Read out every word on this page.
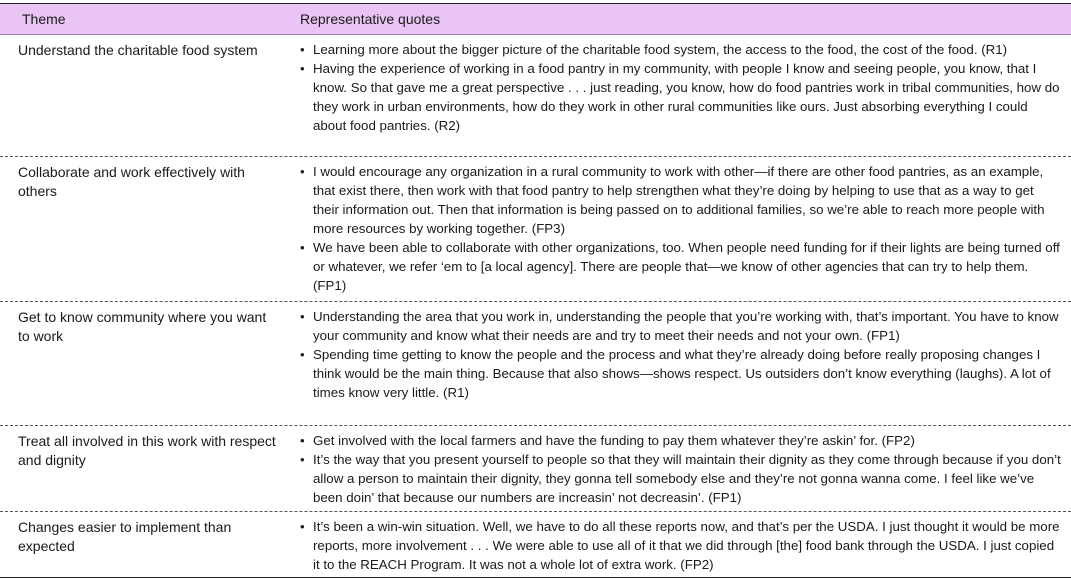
Theme	Representative quotes
Understand the charitable food system
•	Learning more about the bigger picture of the charitable food system, the access to the food, the cost of the food. (R1)
• Having the experience of working in a food pantry in my community, with people I know and seeing people, you know, that I know. So that gave me a great perspective . . . just reading, you know, how do food pantries work in tribal communities, how do they work in urban environments, how do they work in other rural communities like ours. Just absorbing everything I could about food pantries. (R2)
Collaborate and work effectively with others
• I would encourage any organization in a rural community to work with other—if there are other food pantries, as an example, that exist there, then work with that food pantry to help strengthen what they’re doing by helping to use that as a way to get their information out. Then that information is being passed on to additional families, so we’re able to reach more people with more resources by working together. (FP3)
• We have been able to collaborate with other organizations, too. When people need funding for if their lights are being turned off or whatever, we refer ‘em to [a local agency]. There are people that—we know of other agencies that can try to help them. (FP1)
Get to know community where you want to work
• Understanding the area that you work in, understanding the people that you’re working with, that’s important. You have to know your community and know what their needs are and try to meet their needs and not your own. (FP1)
• Spending time getting to know the people and the process and what they’re already doing before really proposing changes I think would be the main thing. Because that also shows—shows respect. Us outsiders don’t know everything (laughs). A lot of times know very little. (R1)
Treat all involved in this work with respect and dignity
• Get involved with the local farmers and have the funding to pay them whatever they’re askin’ for. (FP2)
• It’s the way that you present yourself to people so that they will maintain their dignity as they come through because if you don’t allow a person to maintain their dignity, they gonna tell somebody else and they’re not gonna wanna come. I feel like we’ve been doin’ that because our numbers are increasin’ not decreasin’. (FP1)
Changes easier to implement than expected
• It’s been a win-win situation. Well, we have to do all these reports now, and that’s per the USDA. I just thought it would be more reports, more involvement . . . We were able to use all of it that we did through [the] food bank through the USDA. I just copied it to the REACH Program. It was not a whole lot of extra work. (FP2)
